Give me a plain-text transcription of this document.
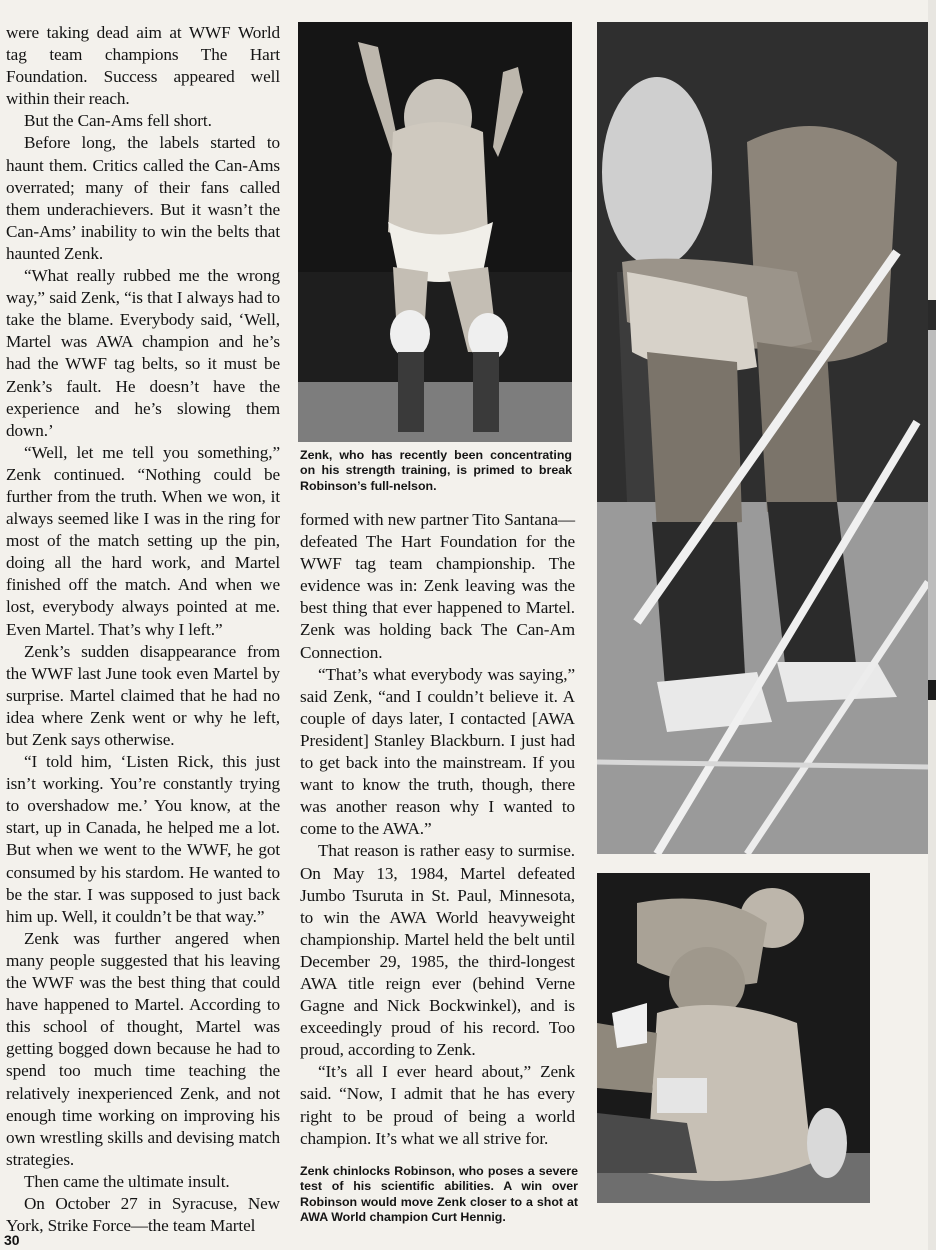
were taking dead aim at WWF World tag team champions The Hart Foundation. Success appeared well within their reach.

But the Can-Ams fell short.

Before long, the labels started to haunt them. Critics called the Can-Ams overrated; many of their fans called them underachievers. But it wasn’t the Can-Ams’ inability to win the belts that haunted Zenk.

“What really rubbed me the wrong way,” said Zenk, “is that I always had to take the blame. Everybody said, ‘Well, Martel was AWA champion and he’s had the WWF tag belts, so it must be Zenk’s fault. He doesn’t have the experience and he’s slowing them down.’

“Well, let me tell you something,” Zenk continued. “Nothing could be further from the truth. When we won, it always seemed like I was in the ring for most of the match setting up the pin, doing all the hard work, and Martel finished off the match. And when we lost, everybody always pointed at me. Even Martel. That’s why I left.”

Zenk’s sudden disappearance from the WWF last June took even Martel by surprise. Martel claimed that he had no idea where Zenk went or why he left, but Zenk says otherwise.

“I told him, ‘Listen Rick, this just isn’t working. You’re constantly trying to overshadow me.’ You know, at the start, up in Canada, he helped me a lot. But when we went to the WWF, he got consumed by his stardom. He wanted to be the star. I was supposed to just back him up. Well, it couldn’t be that way.”

Zenk was further angered when many people suggested that his leaving the WWF was the best thing that could have happened to Martel. According to this school of thought, Martel was getting bogged down because he had to spend too much time teaching the relatively inexperienced Zenk, and not enough time working on improving his own wrestling skills and devising match strategies.

Then came the ultimate insult.

On October 27 in Syracuse, New York, Strike Force—the team Martel

Zenk, who has recently been concentrating on his strength training, is primed to break Robinson’s full-nelson.

formed with new partner Tito Santana—defeated The Hart Foundation for the WWF tag team championship. The evidence was in: Zenk leaving was the best thing that ever happened to Martel. Zenk was holding back The Can-Am Connection.

“That’s what everybody was saying,” said Zenk, “and I couldn’t believe it. A couple of days later, I contacted [AWA President] Stanley Blackburn. I just had to get back into the mainstream. If you want to know the truth, though, there was another reason why I wanted to come to the AWA.”

That reason is rather easy to surmise. On May 13, 1984, Martel defeated Jumbo Tsuruta in St. Paul, Minnesota, to win the AWA World heavyweight championship. Martel held the belt until December 29, 1985, the third-longest AWA title reign ever (behind Verne Gagne and Nick Bockwinkel), and is exceedingly proud of his record. Too proud, according to Zenk.

“It’s all I ever heard about,” Zenk said. “Now, I admit that he has every right to be proud of being a world champion. It’s what we all strive for.

Zenk chinlocks Robinson, who poses a severe test of his scientific abilities. A win over Robinson would move Zenk closer to a shot at AWA World champion Curt Hennig.
30
